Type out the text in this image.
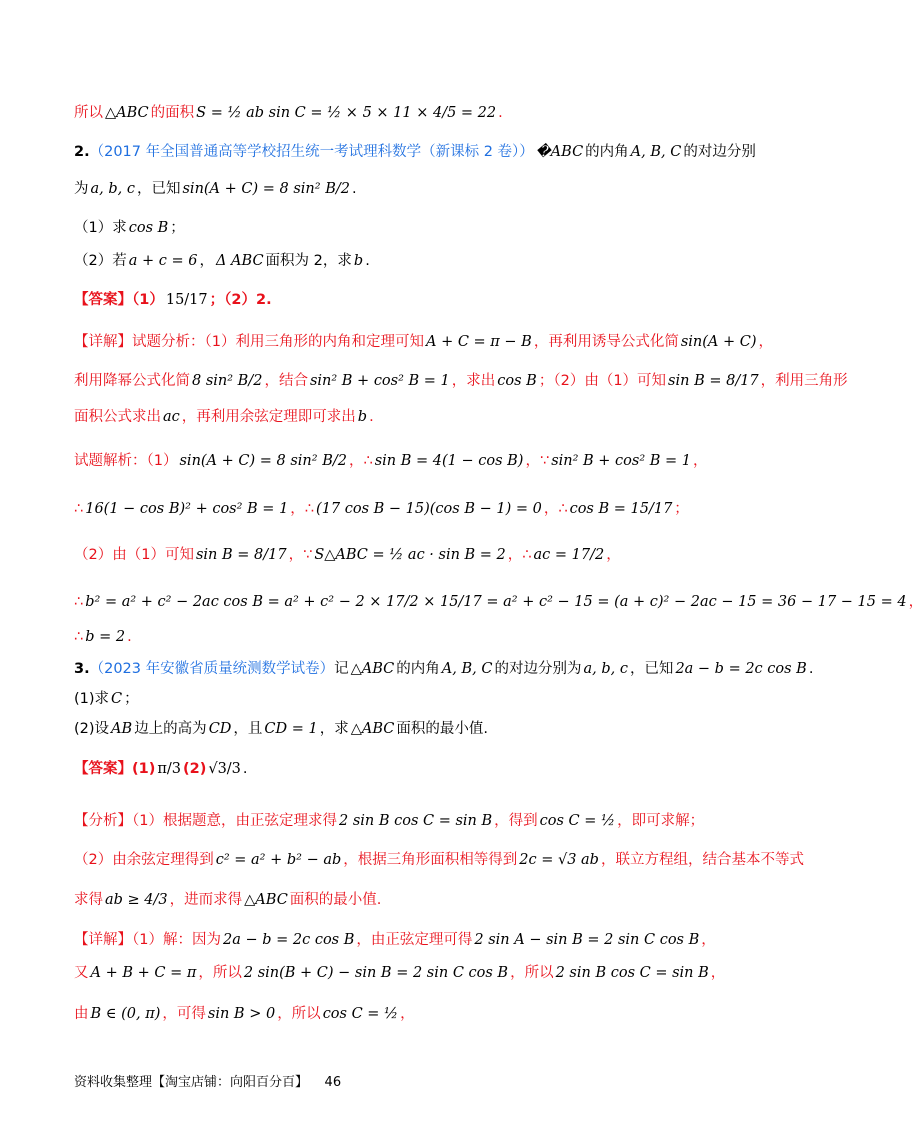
所以 △ABC 的面积 S = ½ ab sin C = ½ × 5 × 11 × 4/5 = 22 .
2. （2017 年全国普通高等学校招生统一考试理科数学（新课标 2 卷）） �ABC 的内角 A, B, C 的对边分别
为 a, b, c ，已知 sin(A + C) = 8 sin² B/2 .
（1）求 cos B ；
（2）若 a + c = 6 ， Δ ABC 面积为 2，求 b .
【答案】（1） 15/17 ；（2）2.
【详解】试题分析：（1）利用三角形的内角和定理可知 A + C = π − B ，再利用诱导公式化简 sin(A + C) ，
利用降幂公式化简 8 sin² B/2 ，结合 sin² B + cos² B = 1 ，求出 cos B ；（2）由（1）可知 sin B = 8/17 ，利用三角形
面积公式求出 ac ，再利用余弦定理即可求出 b .
试题解析：（1） sin(A + C) = 8 sin² B/2 ，∴ sin B = 4(1 − cos B) ，∵ sin² B + cos² B = 1 ，
∴ 16(1 − cos B)² + cos² B = 1 ，∴ (17 cos B − 15)(cos B − 1) = 0 ，∴ cos B = 15/17 ；
（2）由（1）可知 sin B = 8/17 ，∵ S△ABC = ½ ac · sin B = 2 ，∴ ac = 17/2 ，
∴ b² = a² + c² − 2ac cos B = a² + c² − 2 × 17/2 × 15/17 = a² + c² − 15 = (a + c)² − 2ac − 15 = 36 − 17 − 15 = 4 ，
∴ b = 2 .
3. （2023 年安徽省质量统测数学试卷） 记 △ABC 的内角 A, B, C 的对边分别为 a, b, c ，已知 2a − b = 2c cos B .
(1)求 C ；
(2)设 AB 边上的高为 CD ，且 CD = 1 ，求 △ABC 面积的最小值.
【答案】(1) π/3 (2) √3/3 .
【分析】（1）根据题意，由正弦定理求得 2 sin B cos C = sin B ，得到 cos C = ½ ，即可求解；
（2）由余弦定理得到 c² = a² + b² − ab ，根据三角形面积相等得到 2c = √3 ab ，联立方程组，结合基本不等式
求得 ab ≥ 4/3 ，进而求得 △ABC 面积的最小值.
【详解】（1）解：因为 2a − b = 2c cos B ，由正弦定理可得 2 sin A − sin B = 2 sin C cos B ，
又 A + B + C = π ，所以 2 sin(B + C) − sin B = 2 sin C cos B ，所以 2 sin B cos C = sin B ，
由 B ∈ (0, π) ，可得 sin B > 0 ，所以 cos C = ½ ，
资料收集整理【淘宝店铺：向阳百分百】 46
